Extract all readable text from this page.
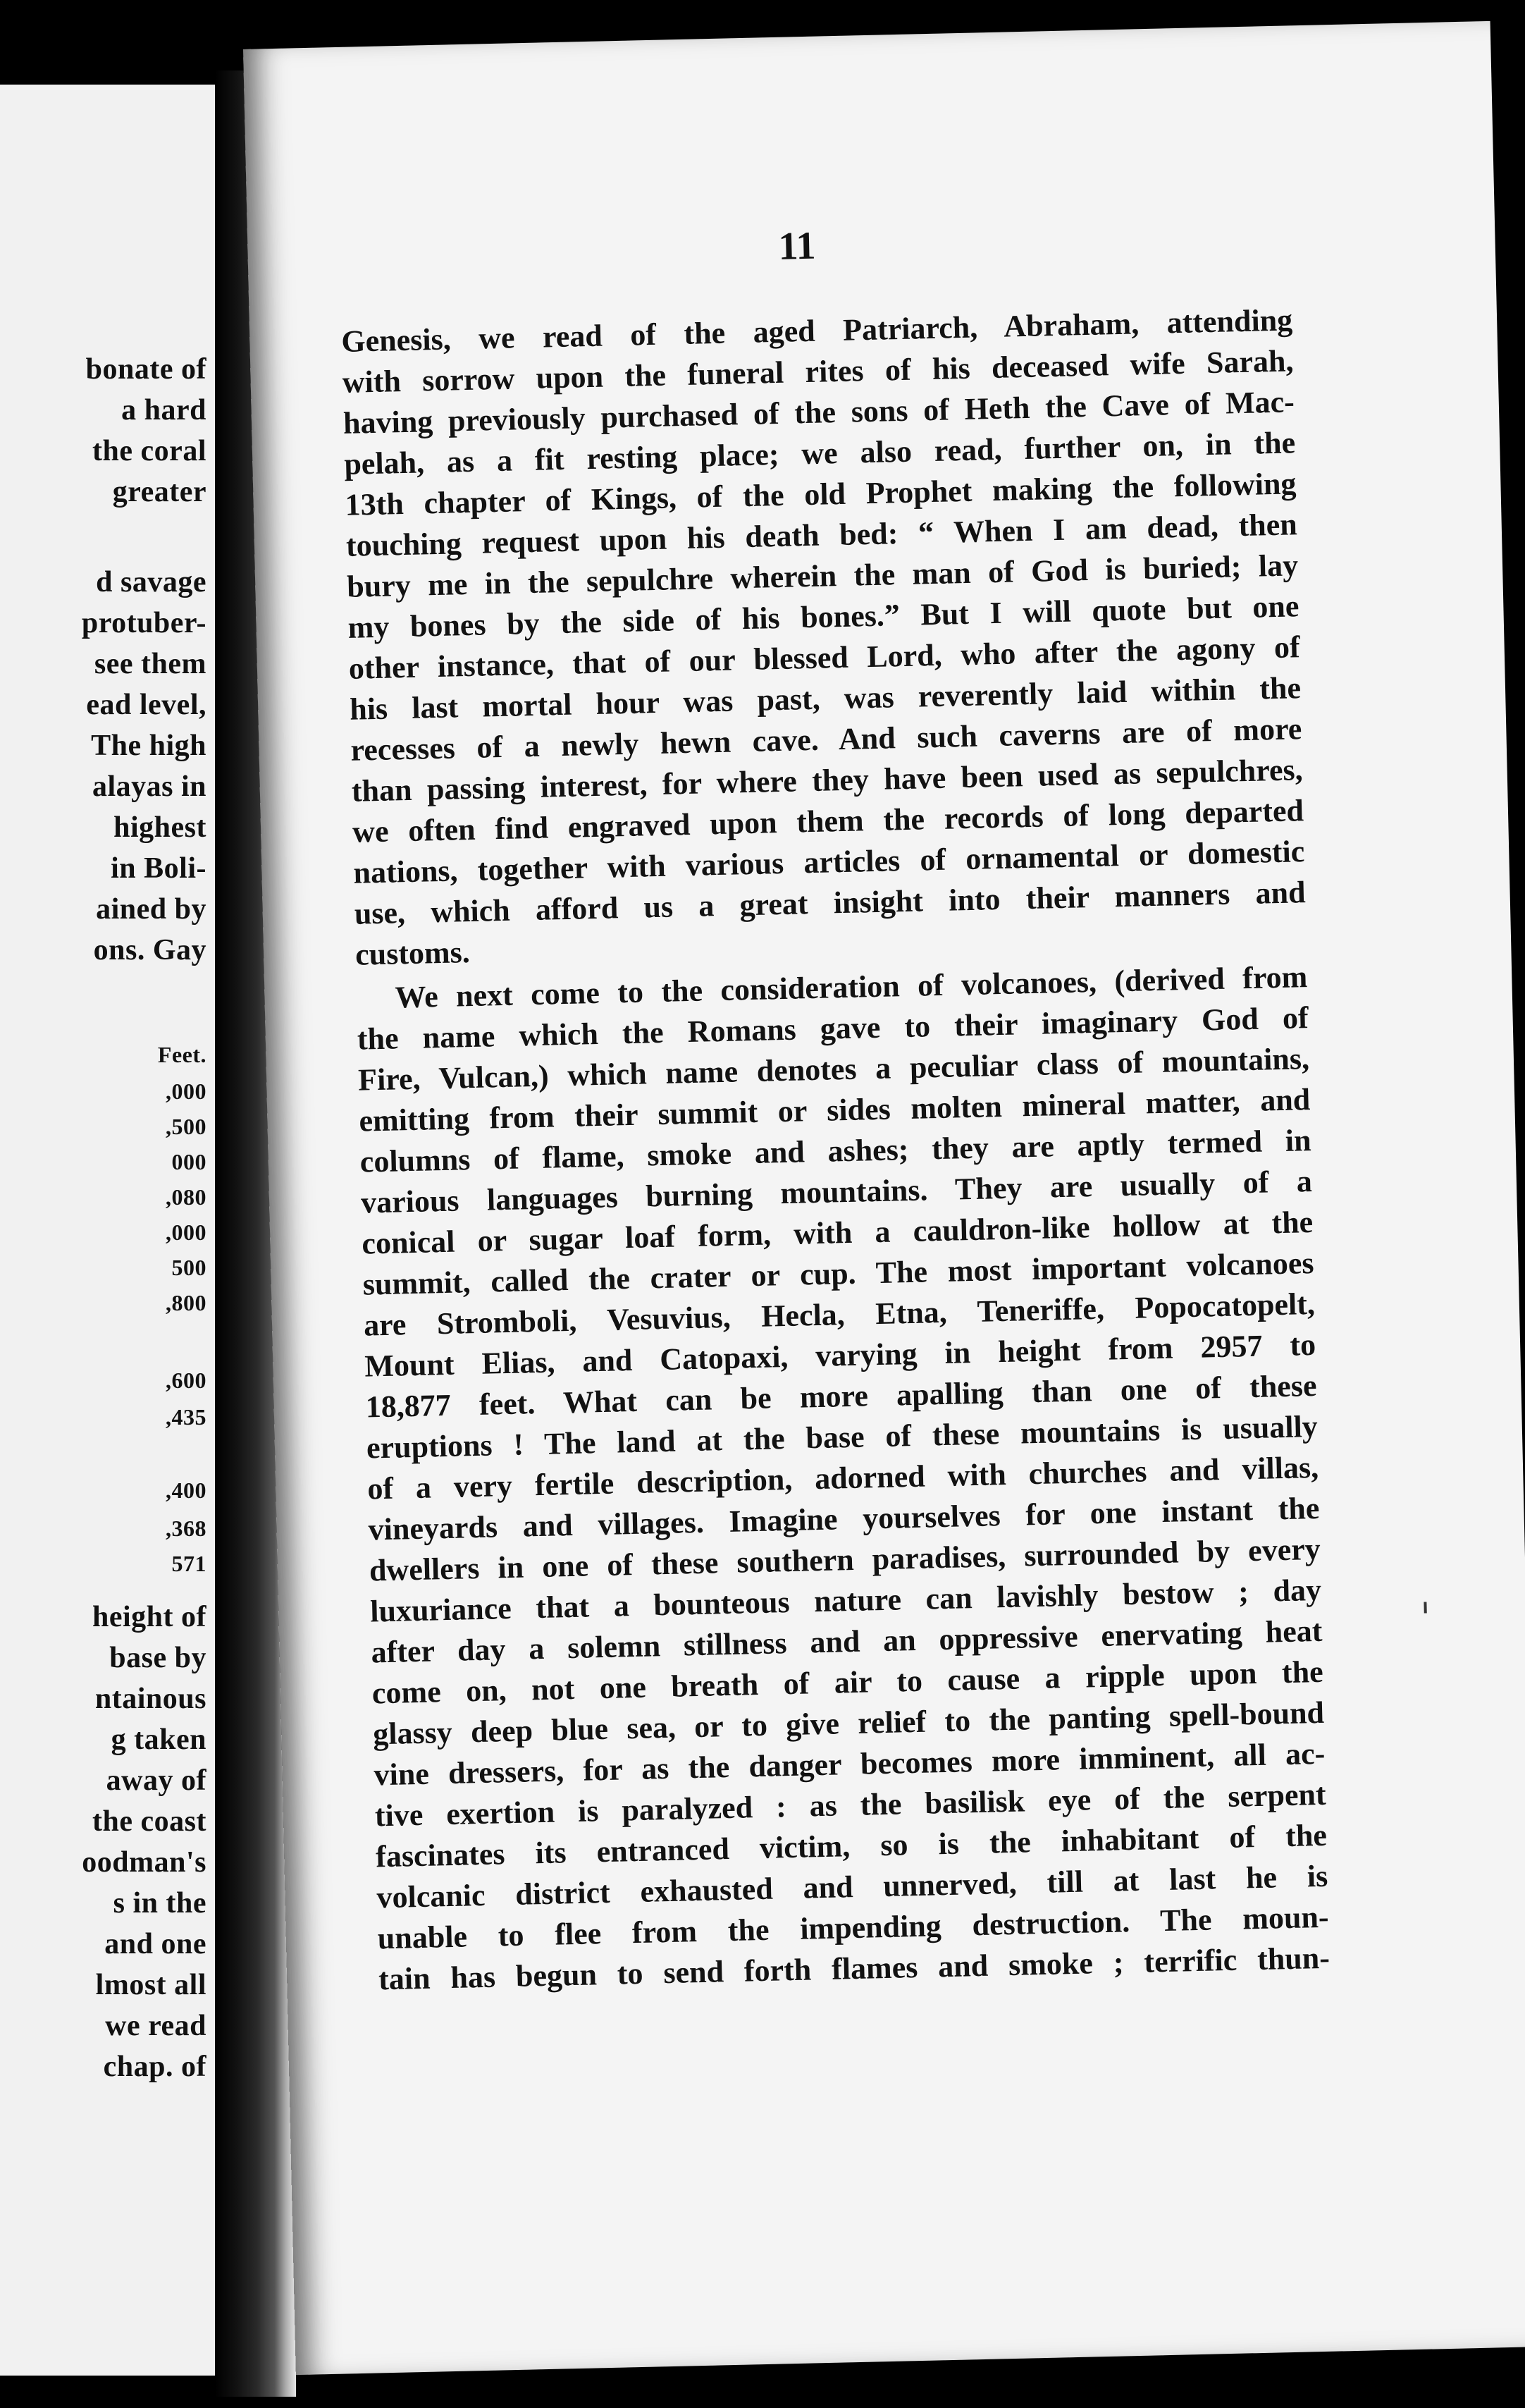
bonate of
a hard
the coral
greater
d savage
protuber-
see them
ead level,
The high
alayas in
highest
in Boli-
ained by
ons. Gay
Feet.
,000
,500
000
,080
,000
500
,800
,600
,435
,400
,368
571
height of
base by
ntainous
g taken
away of
the coast
oodman's
s in the
and one
lmost all
we read
chap. of
11
Genesis, we read of the aged Patriarch, Abraham, attending
with sorrow upon the funeral rites of his deceased wife Sarah,
having previously purchased of the sons of Heth the Cave of Mac-
pelah, as a fit resting place; we also read, further on, in the
13th chapter of Kings, of the old Prophet making the following
touching request upon his death bed: “ When I am dead, then
bury me in the sepulchre wherein the man of God is buried; lay
my bones by the side of his bones.” But I will quote but one
other instance, that of our blessed Lord, who after the agony of
his last mortal hour was past, was reverently laid within the
recesses of a newly hewn cave. And such caverns are of more
than passing interest, for where they have been used as sepulchres,
we often find engraved upon them the records of long departed
nations, together with various articles of ornamental or domestic
use, which afford us a great insight into their manners and
customs.
We next come to the consideration of volcanoes, (derived from
the name which the Romans gave to their imaginary God of
Fire, Vulcan,) which name denotes a peculiar class of mountains,
emitting from their summit or sides molten mineral matter, and
columns of flame, smoke and ashes; they are aptly termed in
various languages burning mountains. They are usually of a
conical or sugar loaf form, with a cauldron-like hollow at the
summit, called the crater or cup. The most important volcanoes
are Stromboli, Vesuvius, Hecla, Etna, Teneriffe, Popocatopelt,
Mount Elias, and Catopaxi, varying in height from 2957 to
18,877 feet. What can be more apalling than one of these
eruptions ! The land at the base of these mountains is usually
of a very fertile description, adorned with churches and villas,
vineyards and villages. Imagine yourselves for one instant the
dwellers in one of these southern paradises, surrounded by every
luxuriance that a bounteous nature can lavishly bestow ; day
after day a solemn stillness and an oppressive enervating heat
come on, not one breath of air to cause a ripple upon the
glassy deep blue sea, or to give relief to the panting spell-bound
vine dressers, for as the danger becomes more imminent, all ac-
tive exertion is paralyzed : as the basilisk eye of the serpent
fascinates its entranced victim, so is the inhabitant of the
volcanic district exhausted and unnerved, till at last he is
unable to flee from the impending destruction. The moun-
tain has begun to send forth flames and smoke ; terrific thun-
